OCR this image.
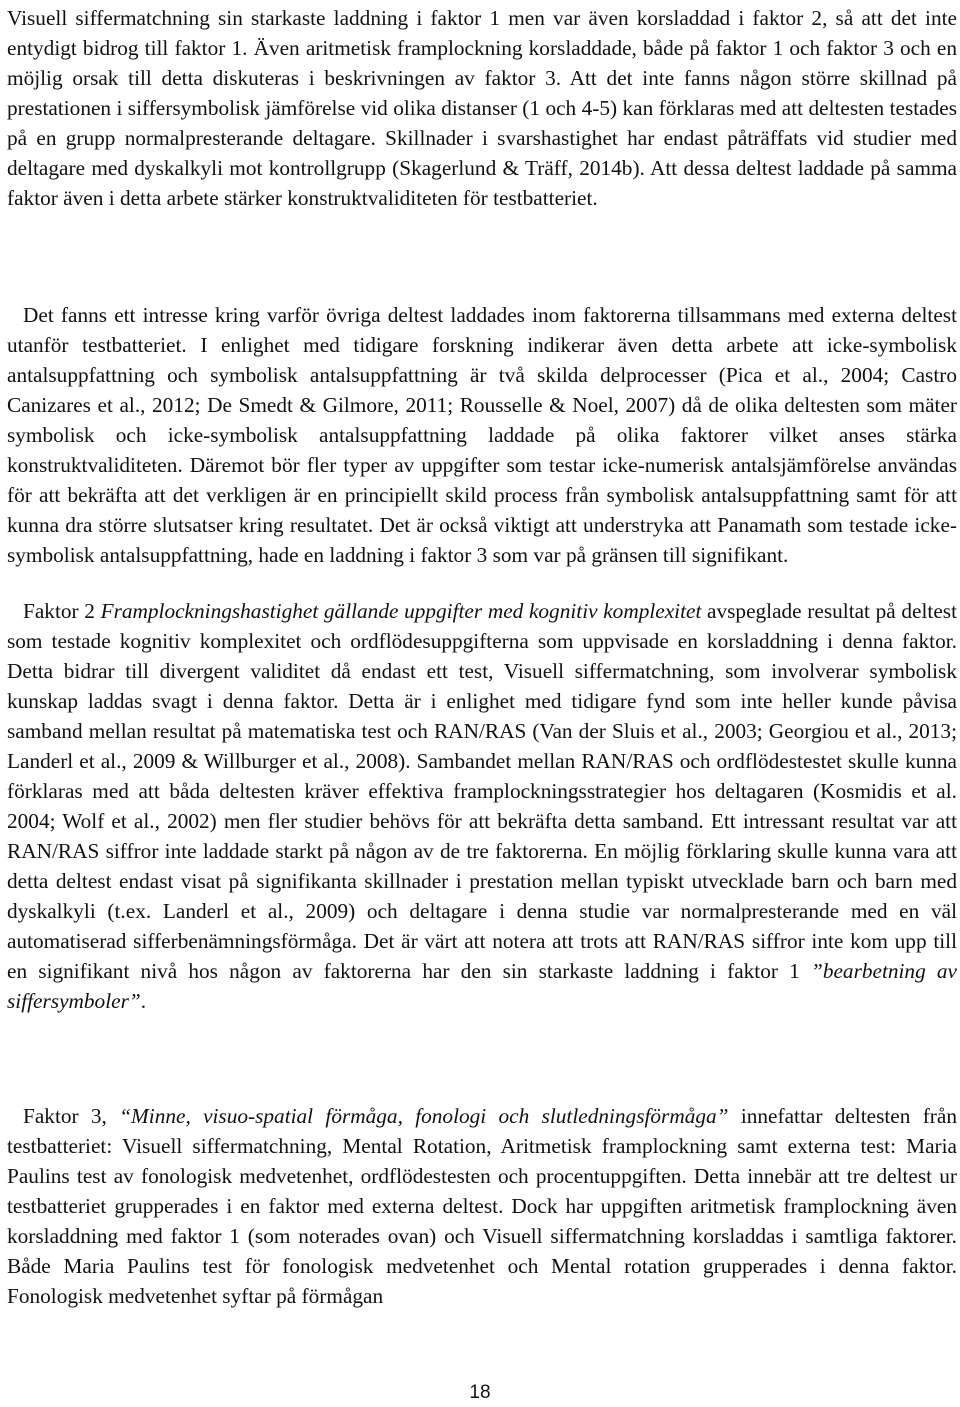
Visuell siffermatchning sin starkaste laddning i faktor 1 men var även korsladdad i faktor 2, så att det inte entydigt bidrog till faktor 1. Även aritmetisk framplockning korsladdade, både på faktor 1 och faktor 3 och en möjlig orsak till detta diskuteras i beskrivningen av faktor 3. Att det inte fanns någon större skillnad på prestationen i siffersymbolisk jämförelse vid olika distanser (1 och 4-5) kan förklaras med att deltesten testades på en grupp normalpresterande deltagare. Skillnader i svarshastighet har endast påträffats vid studier med deltagare med dyskalkyli mot kontrollgrupp (Skagerlund & Träff, 2014b). Att dessa deltest laddade på samma faktor även i detta arbete stärker konstruktvaliditeten för testbatteriet.

Det fanns ett intresse kring varför övriga deltest laddades inom faktorerna tillsammans med externa deltest utanför testbatteriet. I enlighet med tidigare forskning indikerar även detta arbete att icke-symbolisk antalsuppfattning och symbolisk antalsuppfattning är två skilda delprocesser (Pica et al., 2004; Castro Canizares et al., 2012; De Smedt & Gilmore, 2011; Rousselle & Noel, 2007) då de olika deltesten som mäter symbolisk och icke-symbolisk antalsuppfattning laddade på olika faktorer vilket anses stärka konstruktvaliditeten. Däremot bör fler typer av uppgifter som testar icke-numerisk antalsjämförelse användas för att bekräfta att det verkligen är en principiellt skild process från symbolisk antalsuppfattning samt för att kunna dra större slutsatser kring resultatet. Det är också viktigt att understryka att Panamath som testade icke-symbolisk antalsuppfattning, hade en laddning i faktor 3 som var på gränsen till signifikant.

Faktor 2 Framplockningshastighet gällande uppgifter med kognitiv komplexitet avspeglade resultat på deltest som testade kognitiv komplexitet och ordflödesuppgifterna som uppvisade en korsladdning i denna faktor. Detta bidrar till divergent validitet då endast ett test, Visuell siffermatchning, som involverar symbolisk kunskap laddas svagt i denna faktor. Detta är i enlighet med tidigare fynd som inte heller kunde påvisa samband mellan resultat på matematiska test och RAN/RAS (Van der Sluis et al., 2003; Georgiou et al., 2013; Landerl et al., 2009 & Willburger et al., 2008). Sambandet mellan RAN/RAS och ordflödestestet skulle kunna förklaras med att båda deltesten kräver effektiva framplockningsstrategier hos deltagaren (Kosmidis et al. 2004; Wolf et al., 2002) men fler studier behövs för att bekräfta detta samband. Ett intressant resultat var att RAN/RAS siffror inte laddade starkt på någon av de tre faktorerna. En möjlig förklaring skulle kunna vara att detta deltest endast visat på signifikanta skillnader i prestation mellan typiskt utvecklade barn och barn med dyskalkyli (t.ex. Landerl et al., 2009) och deltagare i denna studie var normalpresterande med en väl automatiserad sifferbenämningsförmåga. Det är värt att notera att trots att RAN/RAS siffror inte kom upp till en signifikant nivå hos någon av faktorerna har den sin starkaste laddning i faktor 1 ”bearbetning av siffersymboler”.

Faktor 3, “Minne, visuo-spatial förmåga, fonologi och slutledningsförmåga” innefattar deltesten från testbatteriet: Visuell siffermatchning, Mental Rotation, Aritmetisk framplockning samt externa test: Maria Paulins test av fonologisk medvetenhet, ordflödestesten och procentuppgiften. Detta innebär att tre deltest ur testbatteriet grupperades i en faktor med externa deltest. Dock har uppgiften aritmetisk framplockning även korsladdning med faktor 1 (som noterades ovan) och Visuell siffermatchning korsladdas i samtliga faktorer. Både Maria Paulins test för fonologisk medvetenhet och Mental rotation grupperades i denna faktor. Fonologisk medvetenhet syftar på förmågan

18
